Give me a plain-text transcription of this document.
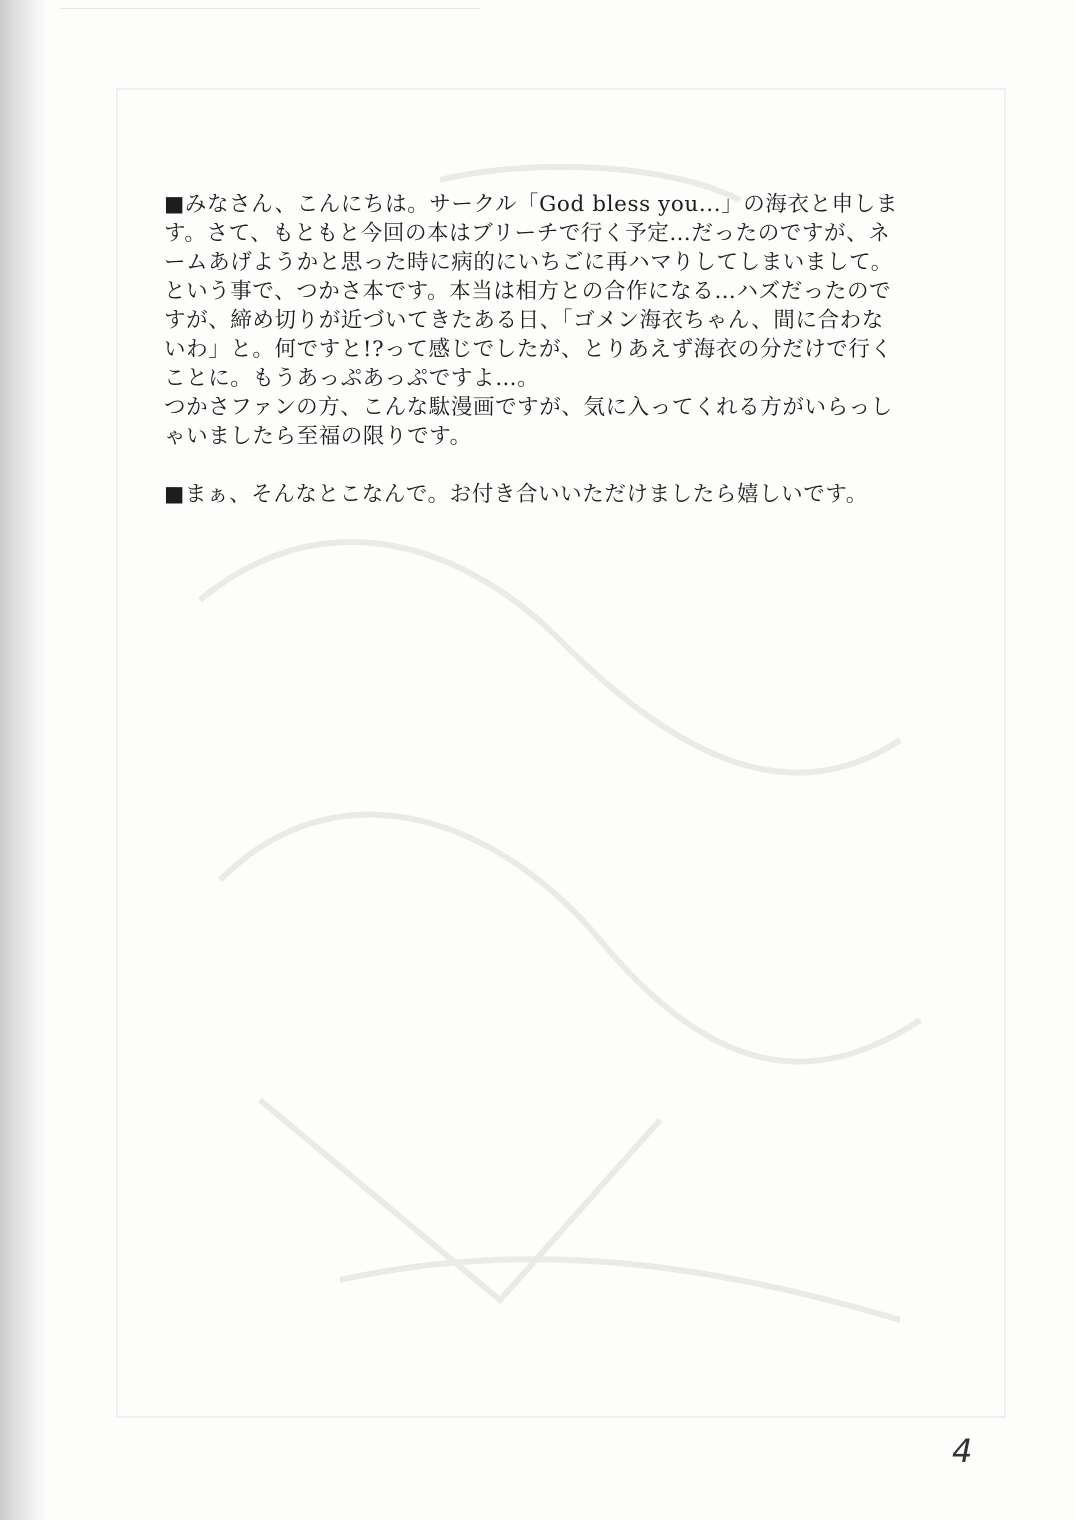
■みなさん、こんにちは。サークル「God bless you...」の海衣と申しま
す。さて、もともと今回の本はブリーチで行く予定…だったのですが、ネ
ームあげようかと思った時に病的にいちごに再ハマりしてしまいまして。
という事で、つかさ本です。本当は相方との合作になる…ハズだったので
すが、締め切りが近づいてきたある日、「ゴメン海衣ちゃん、間に合わな
いわ」と。何ですと!?って感じでしたが、とりあえず海衣の分だけで行く
ことに。もうあっぷあっぷですよ…。
つかさファンの方、こんな駄漫画ですが、気に入ってくれる方がいらっし
ゃいましたら至福の限りです。

■まぁ、そんなとこなんで。お付き合いいただけましたら嬉しいです。

4
